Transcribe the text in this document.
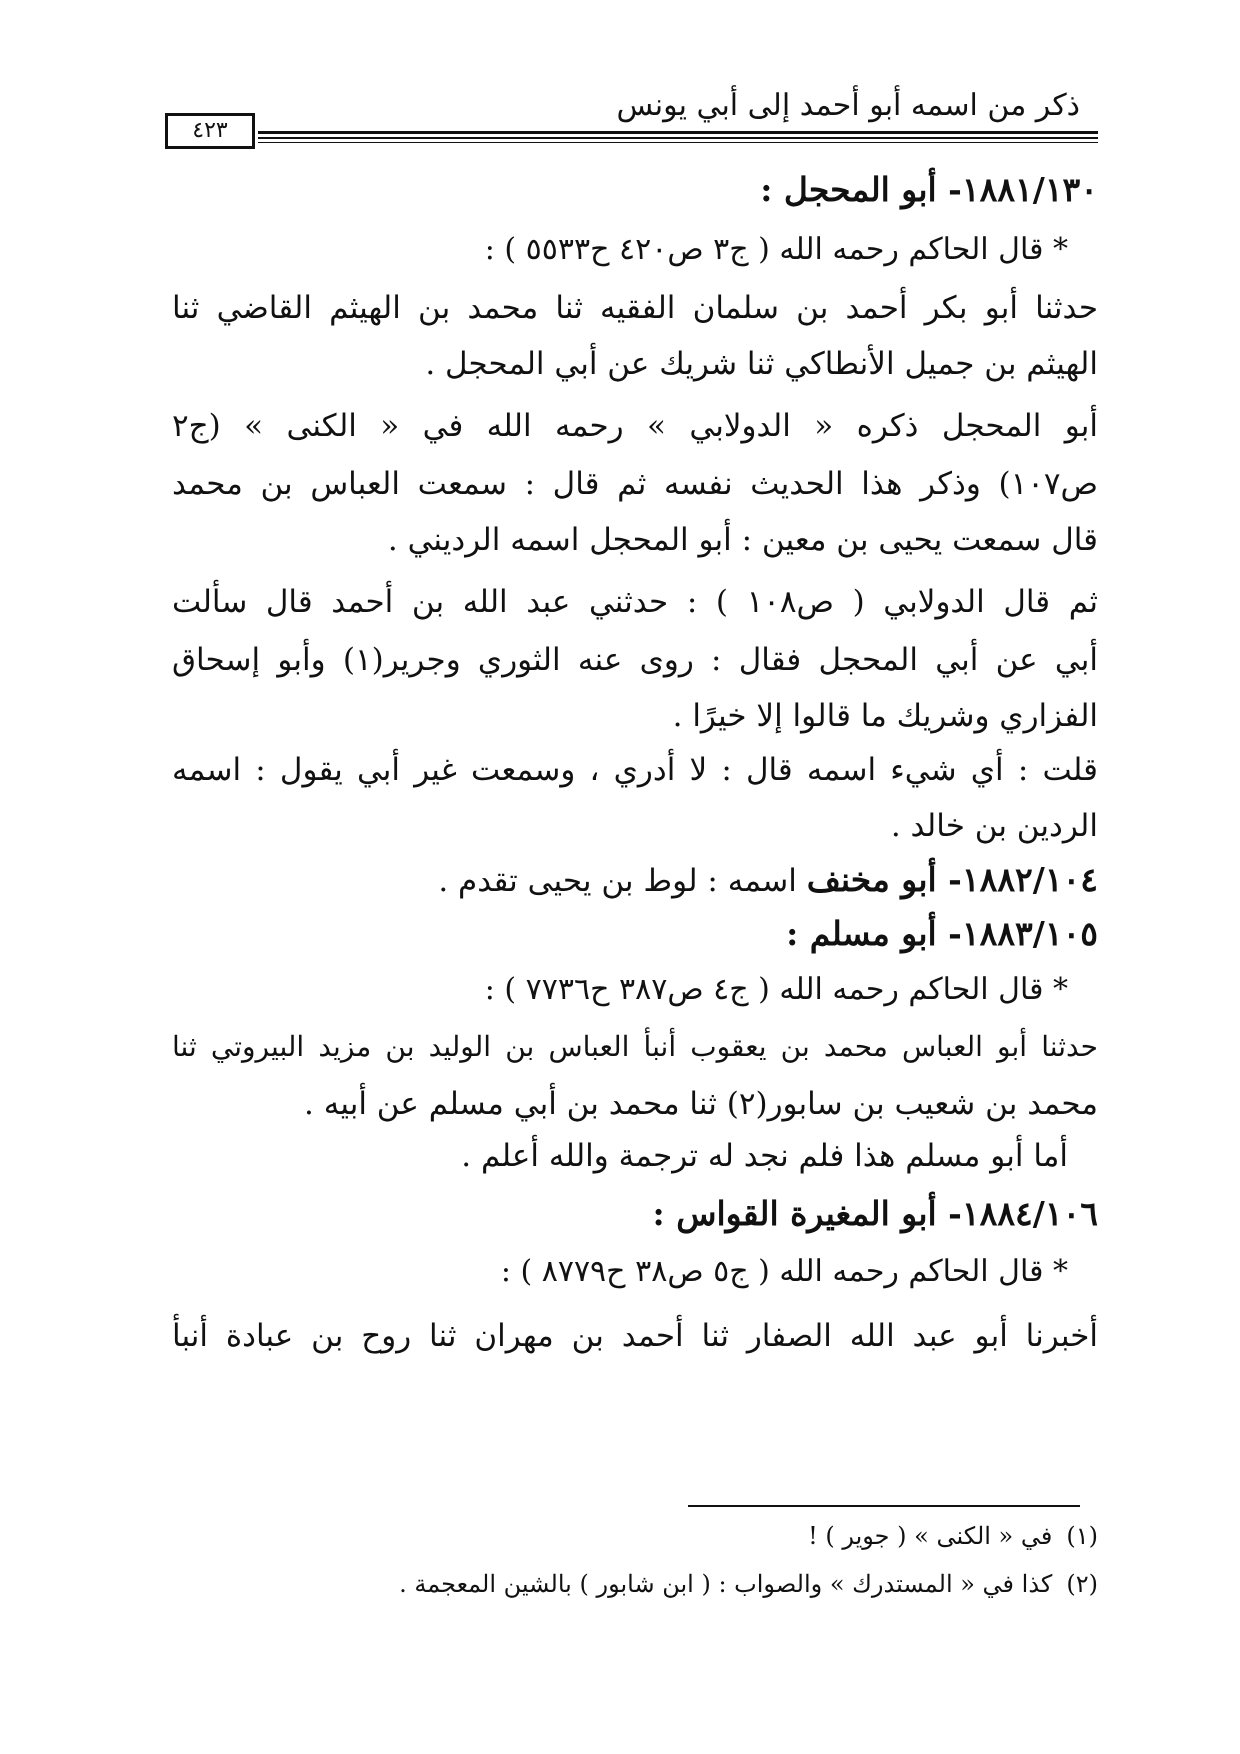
ذكر من اسمه أبو أحمد إلى أبي يونس
٤٢٣
١٨٨١/١٣٠- أبو المحجل :
* قال الحاكم رحمه الله ( ج٣ ص٤٢٠ ح٥٥٣٣ ) :
حدثنا أبو بكر أحمد بن سلمان الفقيه ثنا محمد بن الهيثم القاضي ثنا
الهيثم بن جميل الأنطاكي ثنا شريك عن أبي المحجل .
أبو المحجل ذكره « الدولابي » رحمه الله في « الكنى » (ج٢
ص١٠٧) وذكر هذا الحديث نفسه ثم قال : سمعت العباس بن محمد
قال سمعت يحيى بن معين : أبو المحجل اسمه الرديني .
ثم قال الدولابي ( ص١٠٨ ) : حدثني عبد الله بن أحمد قال سألت
أبي عن أبي المحجل فقال : روى عنه الثوري وجرير(١) وأبو إسحاق
الفزاري وشريك ما قالوا إلا خيرًا .
قلت : أي شيء اسمه قال : لا أدري ، وسمعت غير أبي يقول : اسمه
الردين بن خالد .
١٨٨٢/١٠٤- أبو مخنف اسمه : لوط بن يحيى تقدم .
١٨٨٣/١٠٥- أبو مسلم :
* قال الحاكم رحمه الله ( ج٤ ص٣٨٧ ح٧٧٣٦ ) :
حدثنا أبو العباس محمد بن يعقوب أنبأ العباس بن الوليد بن مزيد البيروتي ثنا
محمد بن شعيب بن سابور(٢) ثنا محمد بن أبي مسلم عن أبيه .
أما أبو مسلم هذا فلم نجد له ترجمة والله أعلم .
١٨٨٤/١٠٦- أبو المغيرة القواس :
* قال الحاكم رحمه الله ( ج٥ ص٣٨ ح٨٧٧٩ ) :
أخبرنا أبو عبد الله الصفار ثنا أحمد بن مهران ثنا روح بن عبادة أنبأ
(١)في « الكنى » ( جوير ) !
(٢)كذا في « المستدرك » والصواب : ( ابن شابور ) بالشين المعجمة .
